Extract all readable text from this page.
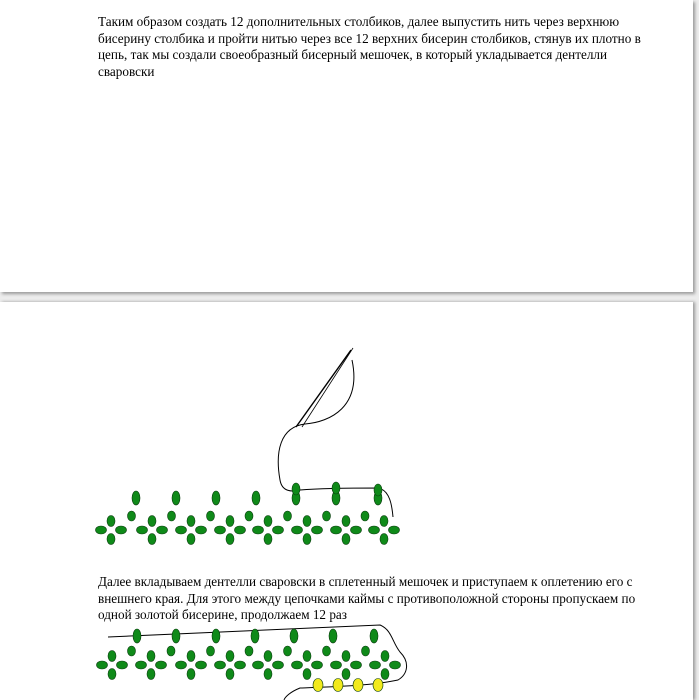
Таким образом создать 12 дополнительных столбиков, далее выпустить нить через верхнюю бисерину столбика и пройти нитью через все 12 верхних бисерин столбиков, стянув их плотно в цепь, так мы создали своеобразный бисерный мешочек, в который укладывается дентелли сваровски

Далее вкладываем дентелли сваровски в сплетенный мешочек и приступаем к оплетению его с внешнего края. Для этого между цепочками каймы с противоположной стороны пропускаем по одной золотой бисерине, продолжаем 12 раз
